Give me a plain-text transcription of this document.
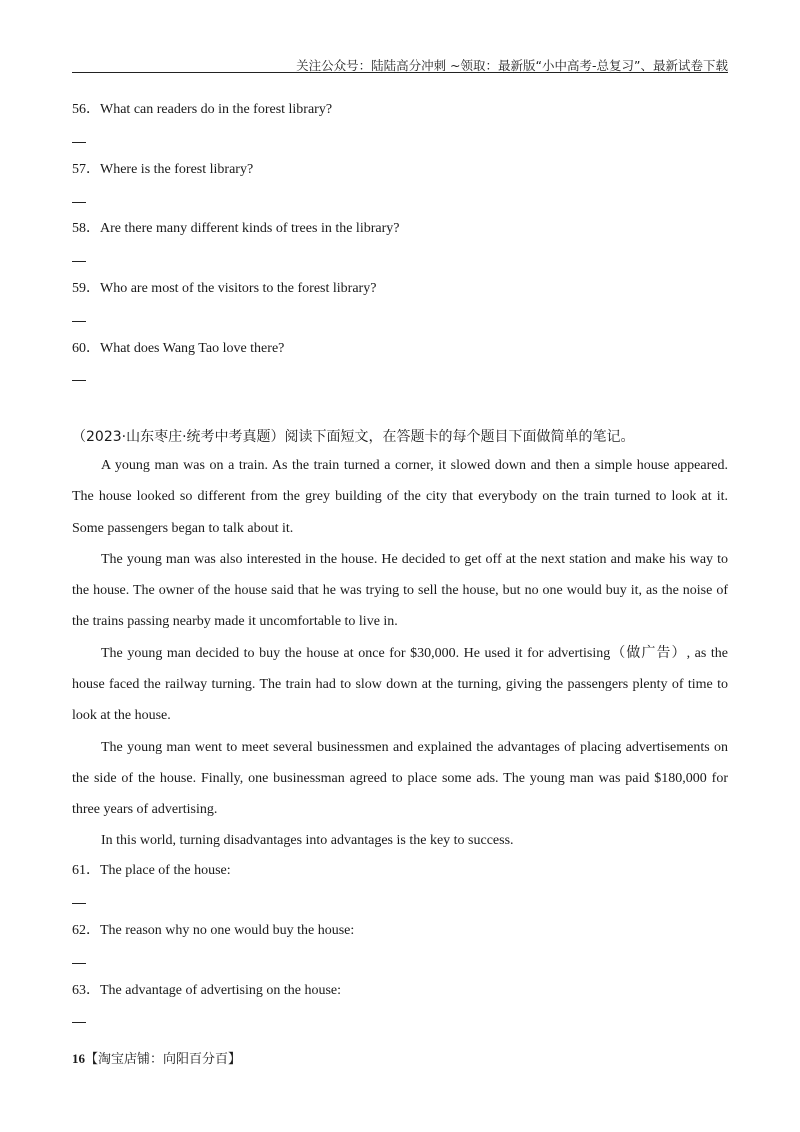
关注公众号：陆陆高分冲刺 ~领取：最新版“小中高考-总复习”、最新试卷下载
56．What can readers do in the forest library?
57．Where is the forest library?
58．Are there many different kinds of trees in the library?
59．Who are most of the visitors to the forest library?
60．What does Wang Tao love there?
（2023·山东枣庄·统考中考真题）阅读下面短文，在答题卡的每个题目下面做简单的笔记。

A young man was on a train. As the train turned a corner, it slowed down and then a simple house appeared. The house looked so different from the grey building of the city that everybody on the train turned to look at it. Some passengers began to talk about it.

The young man was also interested in the house. He decided to get off at the next station and make his way to the house. The owner of the house said that he was trying to sell the house, but no one would buy it, as the noise of the trains passing nearby made it uncomfortable to live in.

The young man decided to buy the house at once for $30,000. He used it for advertising（做广告）, as the house faced the railway turning. The train had to slow down at the turning, giving the passengers plenty of time to look at the house.

The young man went to meet several businessmen and explained the advantages of placing advertisements on the side of the house. Finally, one businessman agreed to place some ads. The young man was paid $180,000 for three years of advertising.

In this world, turning disadvantages into advantages is the key to success.

61．The place of the house:
62．The reason why no one would buy the house:
63．The advantage of advertising on the house:
16【淘宝店铺：向阳百分百】
